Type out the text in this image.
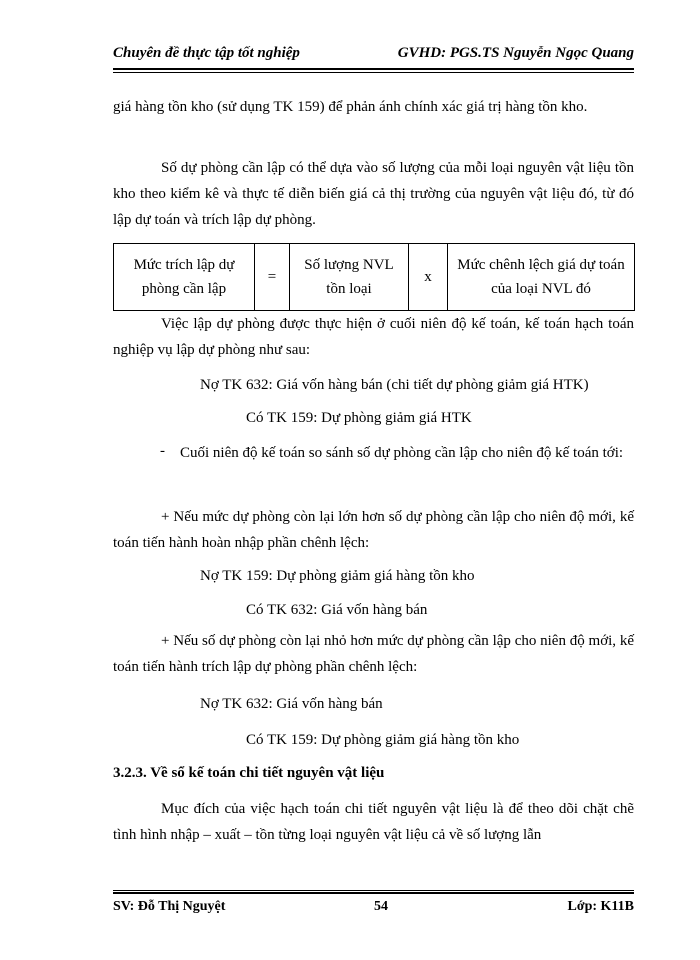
Chuyên đề thực tập tốt nghiệp	GVHD: PGS.TS Nguyễn Ngọc Quang
giá hàng tồn kho (sử dụng TK 159) để phản ánh chính xác giá trị hàng tồn kho.
Số dự phòng cần lập có thể dựa vào số lượng của mỗi loại nguyên vật liệu tồn kho theo kiểm kê và thực tế diễn biến giá cả thị trường của nguyên vật liệu đó, từ đó lập dự toán và trích lập dự phòng.
Mức trích lập dự phòng cần lập	=	Số lượng NVL tồn loại	x	Mức chênh lệch giá dự toán của loại NVL đó
Việc lập dự phòng được thực hiện ở cuối niên độ kế toán, kế toán hạch toán nghiệp vụ lập dự phòng như sau:
Nợ TK 632: Giá vốn hàng bán (chi tiết dự phòng giảm giá HTK)
Có TK 159: Dự phòng giảm giá HTK
- Cuối niên độ kế toán so sánh số dự phòng cần lập cho niên độ kế toán tới:
+ Nếu mức dự phòng còn lại lớn hơn số dự phòng cần lập cho niên độ mới, kế toán tiến hành hoàn nhập phần chênh lệch:
Nợ TK 159: Dự phòng giảm giá hàng tồn kho
Có TK 632: Giá vốn hàng bán
+ Nếu số dự phòng còn lại nhỏ hơn mức dự phòng cần lập cho niên độ mới, kế toán tiến hành trích lập dự phòng phần chênh lệch:
Nợ TK 632: Giá vốn hàng bán
Có TK 159: Dự phòng giảm giá hàng tồn kho
3.2.3. Về sổ kế toán chi tiết nguyên vật liệu
Mục đích của việc hạch toán chi tiết nguyên vật liệu là để theo dõi chặt chẽ tình hình nhập – xuất – tồn từng loại nguyên vật liệu cả về số lượng lẫn
SV: Đỗ Thị Nguyệt	54	Lớp: K11B
